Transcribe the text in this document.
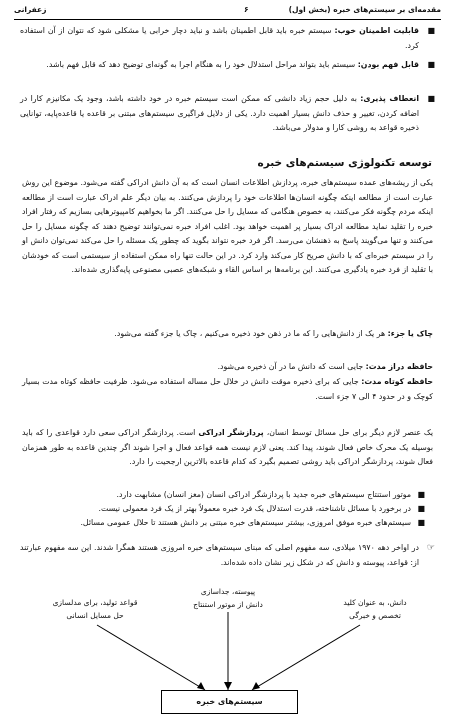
مقدمه‌ای بر سیستم‌های خبره (بخش اول)
۶
زعفرانی
■
قابلیت اطمینان خوب: سیستم خبره باید قابل اطمینان باشد و نباید دچار خرابی یا مشکلی شود که نتوان از آن استفاده کرد.
■
قابل فهم بودن: سیستم باید بتواند مراحل استدلال خود را به هنگام اجرا به گونه‌ای توضیح دهد که قابل فهم باشد.
■
انعطاف پذیری: به دلیل حجم زیاد دانشی که ممکن است سیستم خبره در خود داشته باشد، وجود یک مکانیزم کارا در اضافه کردن، تغییر و حذف دانش بسیار اهمیت دارد. یکی از دلایل فراگیری سیستم‌های مبتنی بر قاعده یا قاعده‌پایه، توانایی ذخیره قواعد به روشی کارا و مدولار می‌باشد.
توسعه تکنولوژی سیستم‌های خبره
یکی از ریشه‌های عمده سیستم‌های خبره، پردازش اطلاعات انسان است که به آن دانش ادراکی گفته می‌شود. موضوع این روش عبارت است از مطالعه اینکه چگونه انسان‌ها اطلاعات خود را پردازش می‌کنند. به بیان دیگر علم ادراک عبارت است از مطالعه اینکه مردم چگونه فکر می‌کنند، به خصوص هنگامی که مسایل را حل می‌کنند. اگر ما بخواهیم کامپیوترهایی بسازیم که رفتار افراد خبره را تقلید نماید مطالعه ادراک بسیار پر اهمیت خواهد بود. اغلب افراد خبره نمی‌توانند توضیح دهند که چگونه مسایل را حل می‌کنند و تنها می‌گویند پاسخ به ذهنشان می‌رسد. اگر فرد خبره نتواند بگوید که چطور یک مسئله را حل می‌کند نمی‌توان دانش او را در سیستم خبره‌ای که با دانش صریح کار می‌کند وارد کرد. در این حالت تنها راه ممکن استفاده از سیستمی است که خودشان با تقلید از فرد خبره یادگیری می‌کنند. این برنامه‌ها بر اساس القاء و شبکه‌های عصبی مصنوعی پایه‌گذاری شده‌اند.
چاک یا جزء: هر یک از دانش‌هایی را که ما در ذهن خود ذخیره می‌کنیم ، چاک یا جزء گفته می‌شود.
حافظه دراز مدت: جایی است که دانش ما در آن ذخیره می‌شود.
حافظه کوتاه مدت: جایی که برای ذخیره موقت دانش در خلال حل مساله استفاده می‌شود. ظرفیت حافظه کوتاه مدت بسیار کوچک و در حدود ۴ الی ۷ جزء است.
یک عنصر لازم دیگر برای حل مسائل توسط انسان، پردازشگر ادراکی است. پردازشگر ادراکی سعی دارد قواعدی را که باید بوسیله یک محرک خاص فعال شوند، پیدا کند. یعنی لازم نیست همه قواعد فعال و اجرا شوند اگر چندین قاعده به طور همزمان فعال شوند، پردازشگر ادراکی باید روشی تصمیم بگیرد که کدام قاعده بالاترین ارجحیت را دارد.
■
موتور استنتاج سیستم‌های خبره جدید با پردازشگر ادراکی انسان (مغز انسان) مشابهت دارد.
■
در برخورد با مسائل ناشناخته، قدرت استدلال یک فرد خبره معمولاً بهتر از یک فرد معمولی نیست.
■
سیستم‌های خبره موفق امروزی، بیشتر سیستم‌های خبره مبتنی بر دانش هستند تا حلال عمومی مسائل.
☞
در اواخر دهه ۱۹۷۰ میلادی، سه مفهوم اصلی که مبنای سیستم‌های خبره امروزی هستند همگرا شدند. این سه مفهوم عبارتند از: قواعد، پیوسته و دانش که در شکل زیر نشان داده شده‌اند.
دانش، به عنوان کلید
تخصص و خبرگی
پیوسته، جداسازی
دانش از موتور استنتاج
قواعد تولید، برای مدلسازی
حل مسایل انسانی
سیستم‌های خبره
